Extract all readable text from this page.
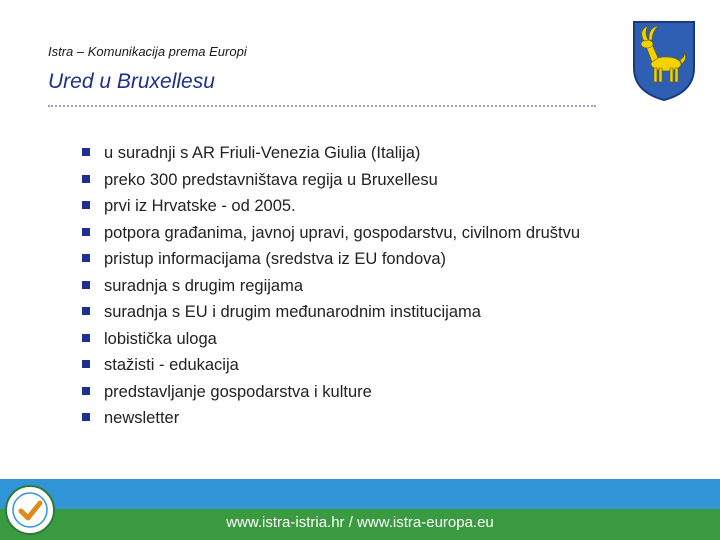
Istra – Komunikacija prema Europi
Ured u Bruxellesu
u suradnji s AR Friuli-Venezia Giulia (Italija)
preko 300 predstavništava regija u Bruxellesu
prvi iz Hrvatske - od 2005.
potpora građanima, javnoj upravi, gospodarstvu, civilnom društvu
pristup informacijama (sredstva iz EU fondova)
suradnja s drugim regijama
suradnja s EU i drugim međunarodnim institucijama
lobistička uloga
stažisti - edukacija
predstavljanje gospodarstva i kulture
newsletter
www.istra-istria.hr / www.istra-europa.eu
